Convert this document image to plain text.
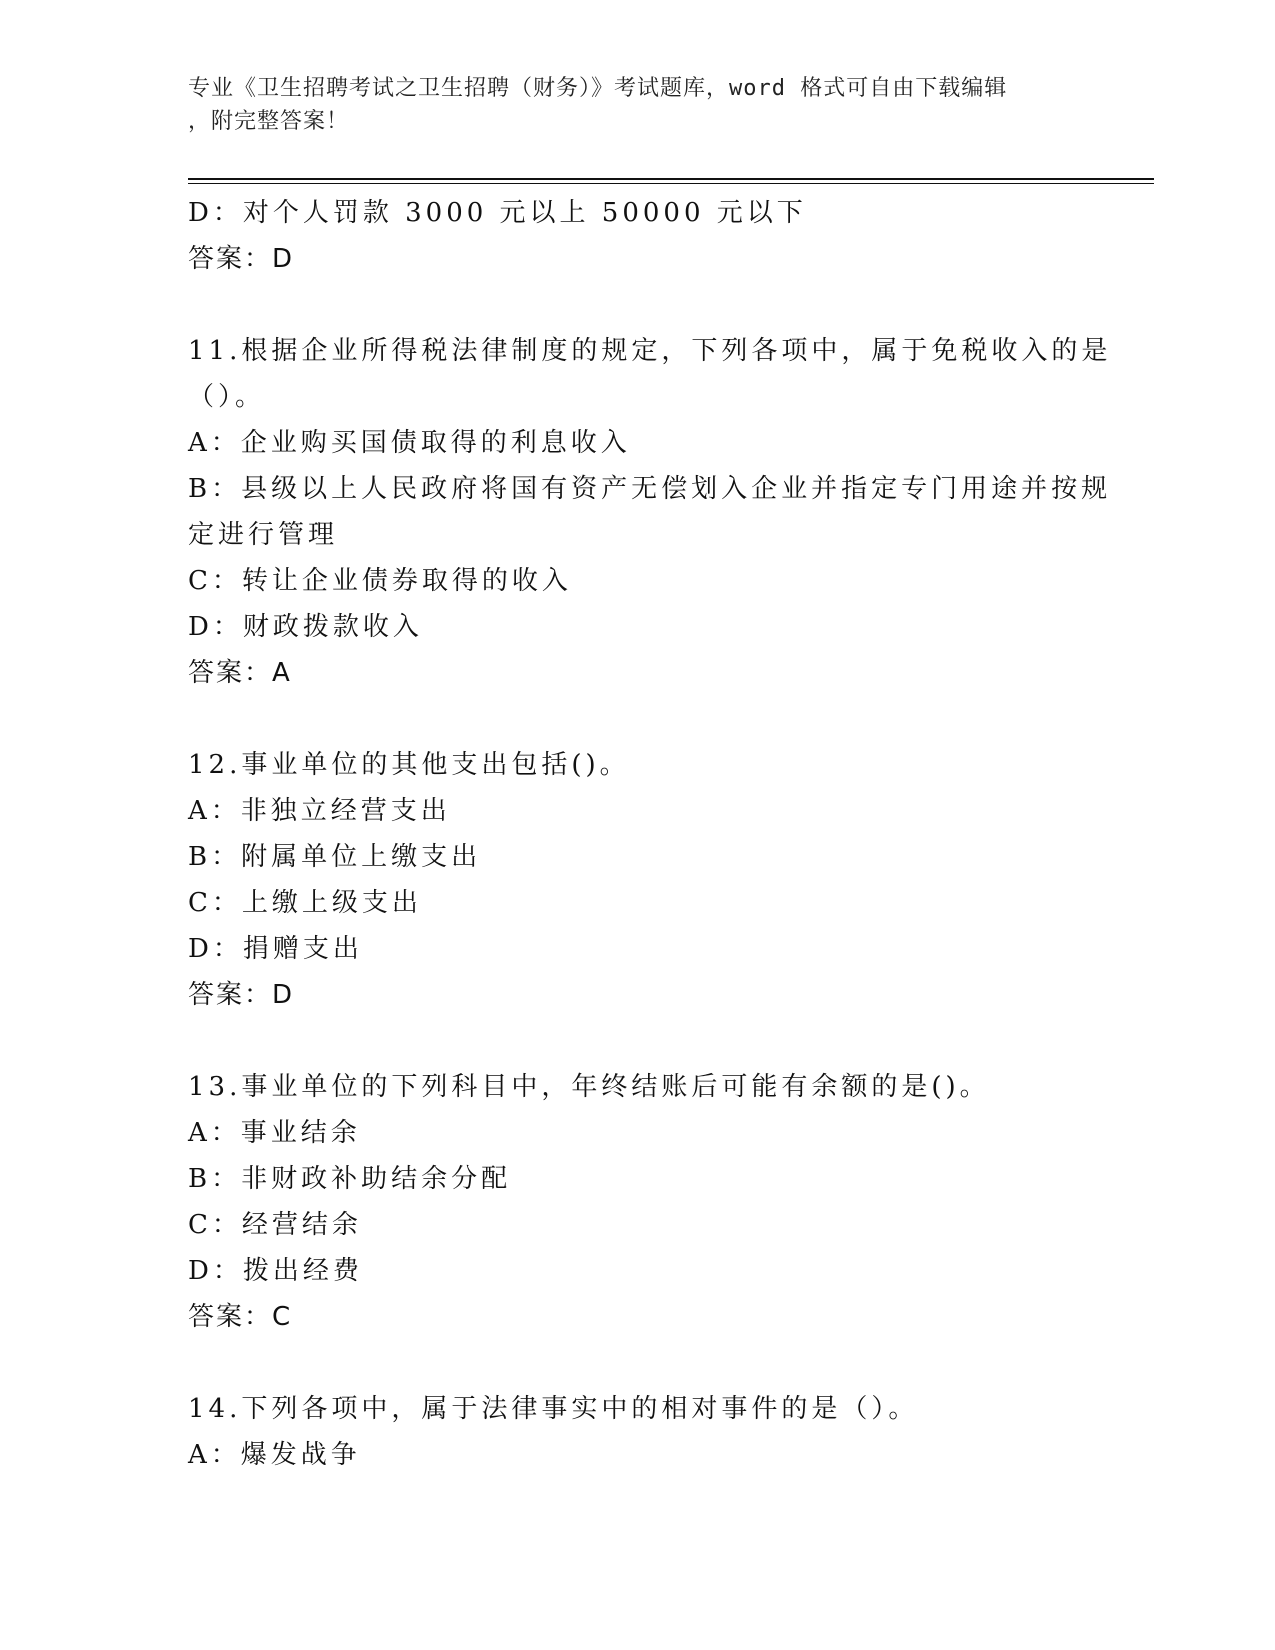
专业《卫生招聘考试之卫生招聘（财务）》考试题库，word 格式可自由下载编辑
，附完整答案！

D：对个人罚款 3000 元以上 50000 元以下

答案：D

11.根据企业所得税法律制度的规定，下列各项中，属于免税收入的是

（）。

A：企业购买国债取得的利息收入

B：县级以上人民政府将国有资产无偿划入企业并指定专门用途并按规

定进行管理

C：转让企业债券取得的收入

D：财政拨款收入

答案：A

12.事业单位的其他支出包括()。

A：非独立经营支出

B：附属单位上缴支出

C：上缴上级支出

D：捐赠支出

答案：D

13.事业单位的下列科目中，年终结账后可能有余额的是()。

A：事业结余

B：非财政补助结余分配

C：经营结余

D：拨出经费

答案：C

14.下列各项中，属于法律事实中的相对事件的是（）。

A：爆发战争
